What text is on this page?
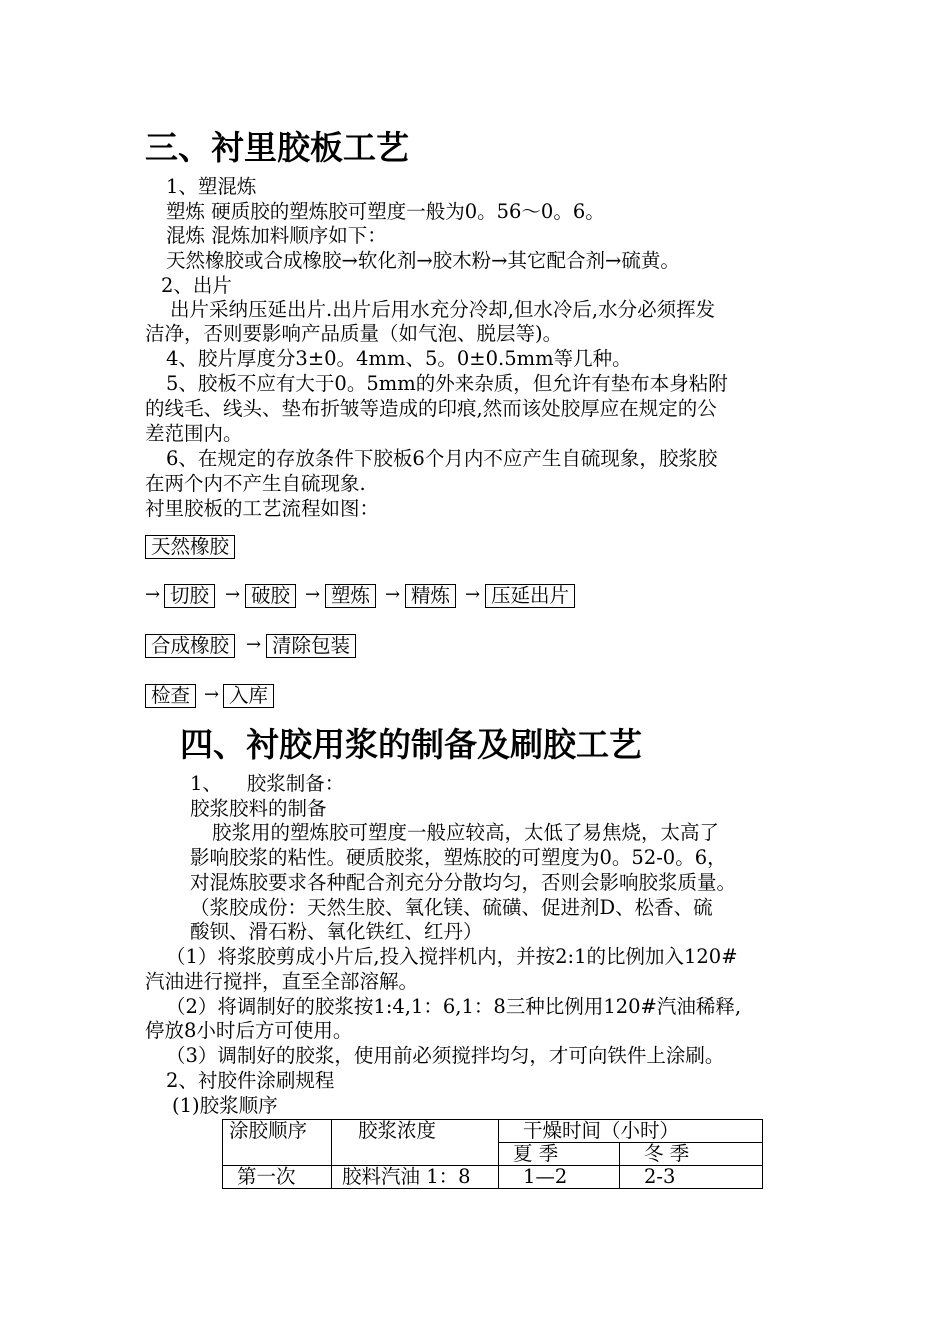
三、衬里胶板工艺
1、塑混炼
塑炼 硬质胶的塑炼胶可塑度一般为0。56～0。6。
混炼 混炼加料顺序如下：
天然橡胶或合成橡胶→软化剂→胶木粉→其它配合剂→硫黄。
2、出片
出片采纳压延出片.出片后用水充分冷却,但水冷后,水分必须挥发
洁净，否则要影响产品质量（如气泡、脱层等)。
4、胶片厚度分3±0。4mm、5。0±0.5mm等几种。
5、胶板不应有大于0。5mm的外来杂质，但允许有垫布本身粘附
的线毛、线头、垫布折皱等造成的印痕,然而该处胶厚应在规定的公
差范围内。
6、在规定的存放条件下胶板6个月内不应产生自硫现象，胶浆胶
在两个内不产生自硫现象.
衬里胶板的工艺流程如图：
天然橡胶
→ 切胶 → 破胶 → 塑炼 → 精炼 → 压延出片
合成橡胶 → 清除包装
检查 → 入库
四、衬胶用浆的制备及刷胶工艺
1、    胶浆制备：
胶浆胶料的制备
胶浆用的塑炼胶可塑度一般应较高，太低了易焦烧，太高了
影响胶浆的粘性。硬质胶浆，塑炼胶的可塑度为0。52-0。6，
对混炼胶要求各种配合剂充分分散均匀，否则会影响胶浆质量。
（浆胶成份：天然生胶、氧化镁、硫磺、促进剂D、松香、硫
酸钡、滑石粉、氧化铁红、红丹）
（1）将浆胶剪成小片后,投入搅拌机内，并按2:1的比例加入120#
汽油进行搅拌，直至全部溶解。
（2）将调制好的胶浆按1:4,1：6,1：8三种比例用120#汽油稀释,
停放8小时后方可使用。
（3）调制好的胶浆，使用前必须搅拌均匀，才可向铁件上涂刷。
2、衬胶件涂刷规程
(1)胶浆顺序
涂胶顺序	胶浆浓度	干燥时间（小时）	
		夏 季	冬 季
第一次	胶料汽油 1：8	1—2	2-3
